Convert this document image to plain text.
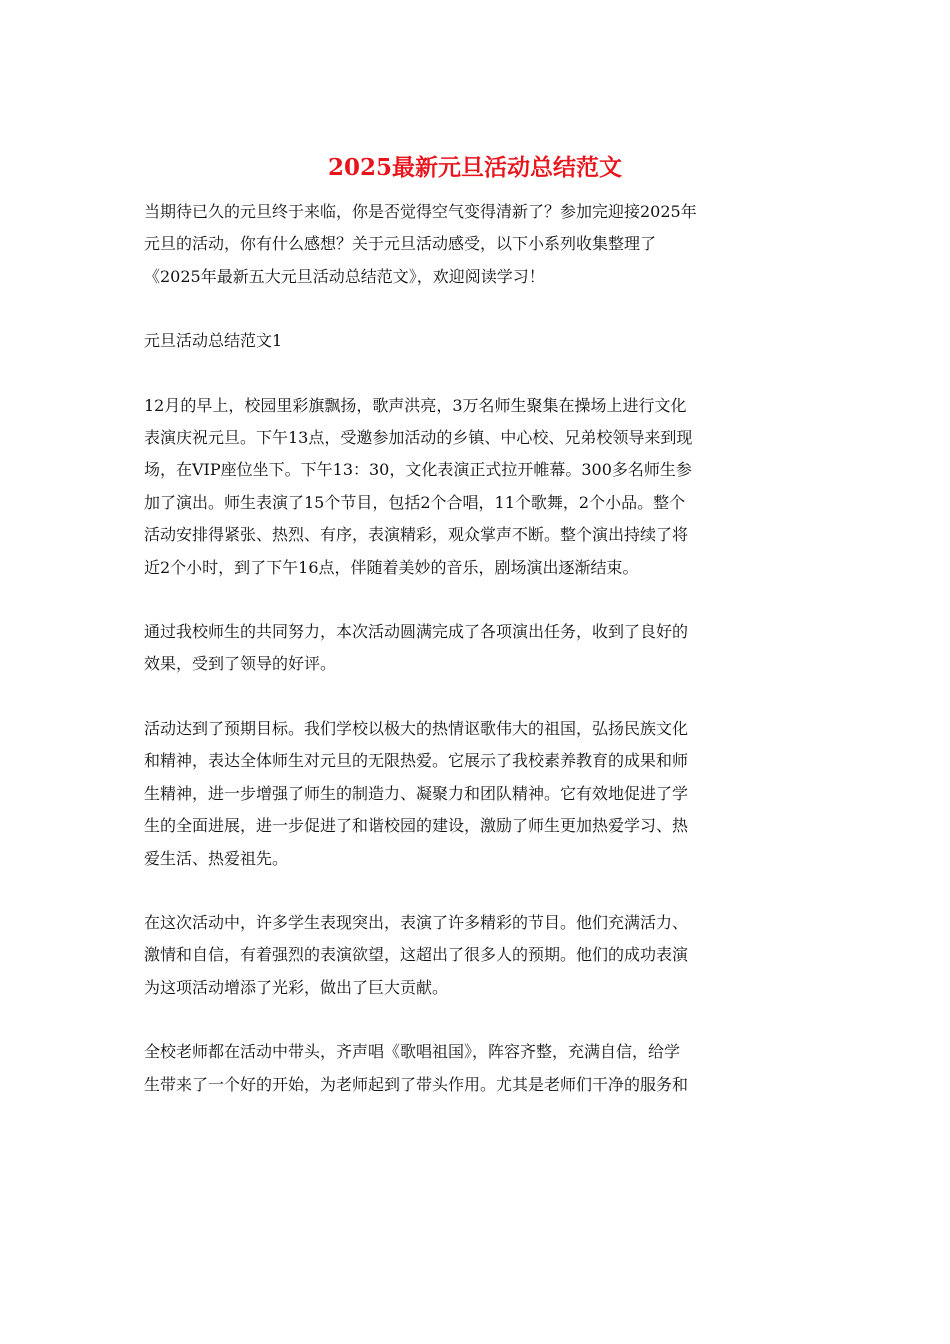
2025最新元旦活动总结范文

当期待已久的元旦终于来临，你是否觉得空气变得清新了？参加完迎接2025年
元旦的活动，你有什么感想？关于元旦活动感受，以下小系列收集整理了
《2025年最新五大元旦活动总结范文》，欢迎阅读学习！

元旦活动总结范文1

12月的早上，校园里彩旗飘扬，歌声洪亮，3万名师生聚集在操场上进行文化
表演庆祝元旦。下午13点，受邀参加活动的乡镇、中心校、兄弟校领导来到现
场，在VIP座位坐下。下午13：30，文化表演正式拉开帷幕。300多名师生参
加了演出。师生表演了15个节目，包括2个合唱，11个歌舞，2个小品。整个
活动安排得紧张、热烈、有序，表演精彩，观众掌声不断。整个演出持续了将
近2个小时，到了下午16点，伴随着美妙的音乐，剧场演出逐渐结束。

通过我校师生的共同努力，本次活动圆满完成了各项演出任务，收到了良好的
效果，受到了领导的好评。

活动达到了预期目标。我们学校以极大的热情讴歌伟大的祖国，弘扬民族文化
和精神，表达全体师生对元旦的无限热爱。它展示了我校素养教育的成果和师
生精神，进一步增强了师生的制造力、凝聚力和团队精神。它有效地促进了学
生的全面进展，进一步促进了和谐校园的建设，激励了师生更加热爱学习、热
爱生活、热爱祖先。

在这次活动中，许多学生表现突出，表演了许多精彩的节目。他们充满活力、
激情和自信，有着强烈的表演欲望，这超出了很多人的预期。他们的成功表演
为这项活动增添了光彩，做出了巨大贡献。

全校老师都在活动中带头，齐声唱《歌唱祖国》，阵容齐整，充满自信，给学
生带来了一个好的开始，为老师起到了带头作用。尤其是老师们干净的服务和
